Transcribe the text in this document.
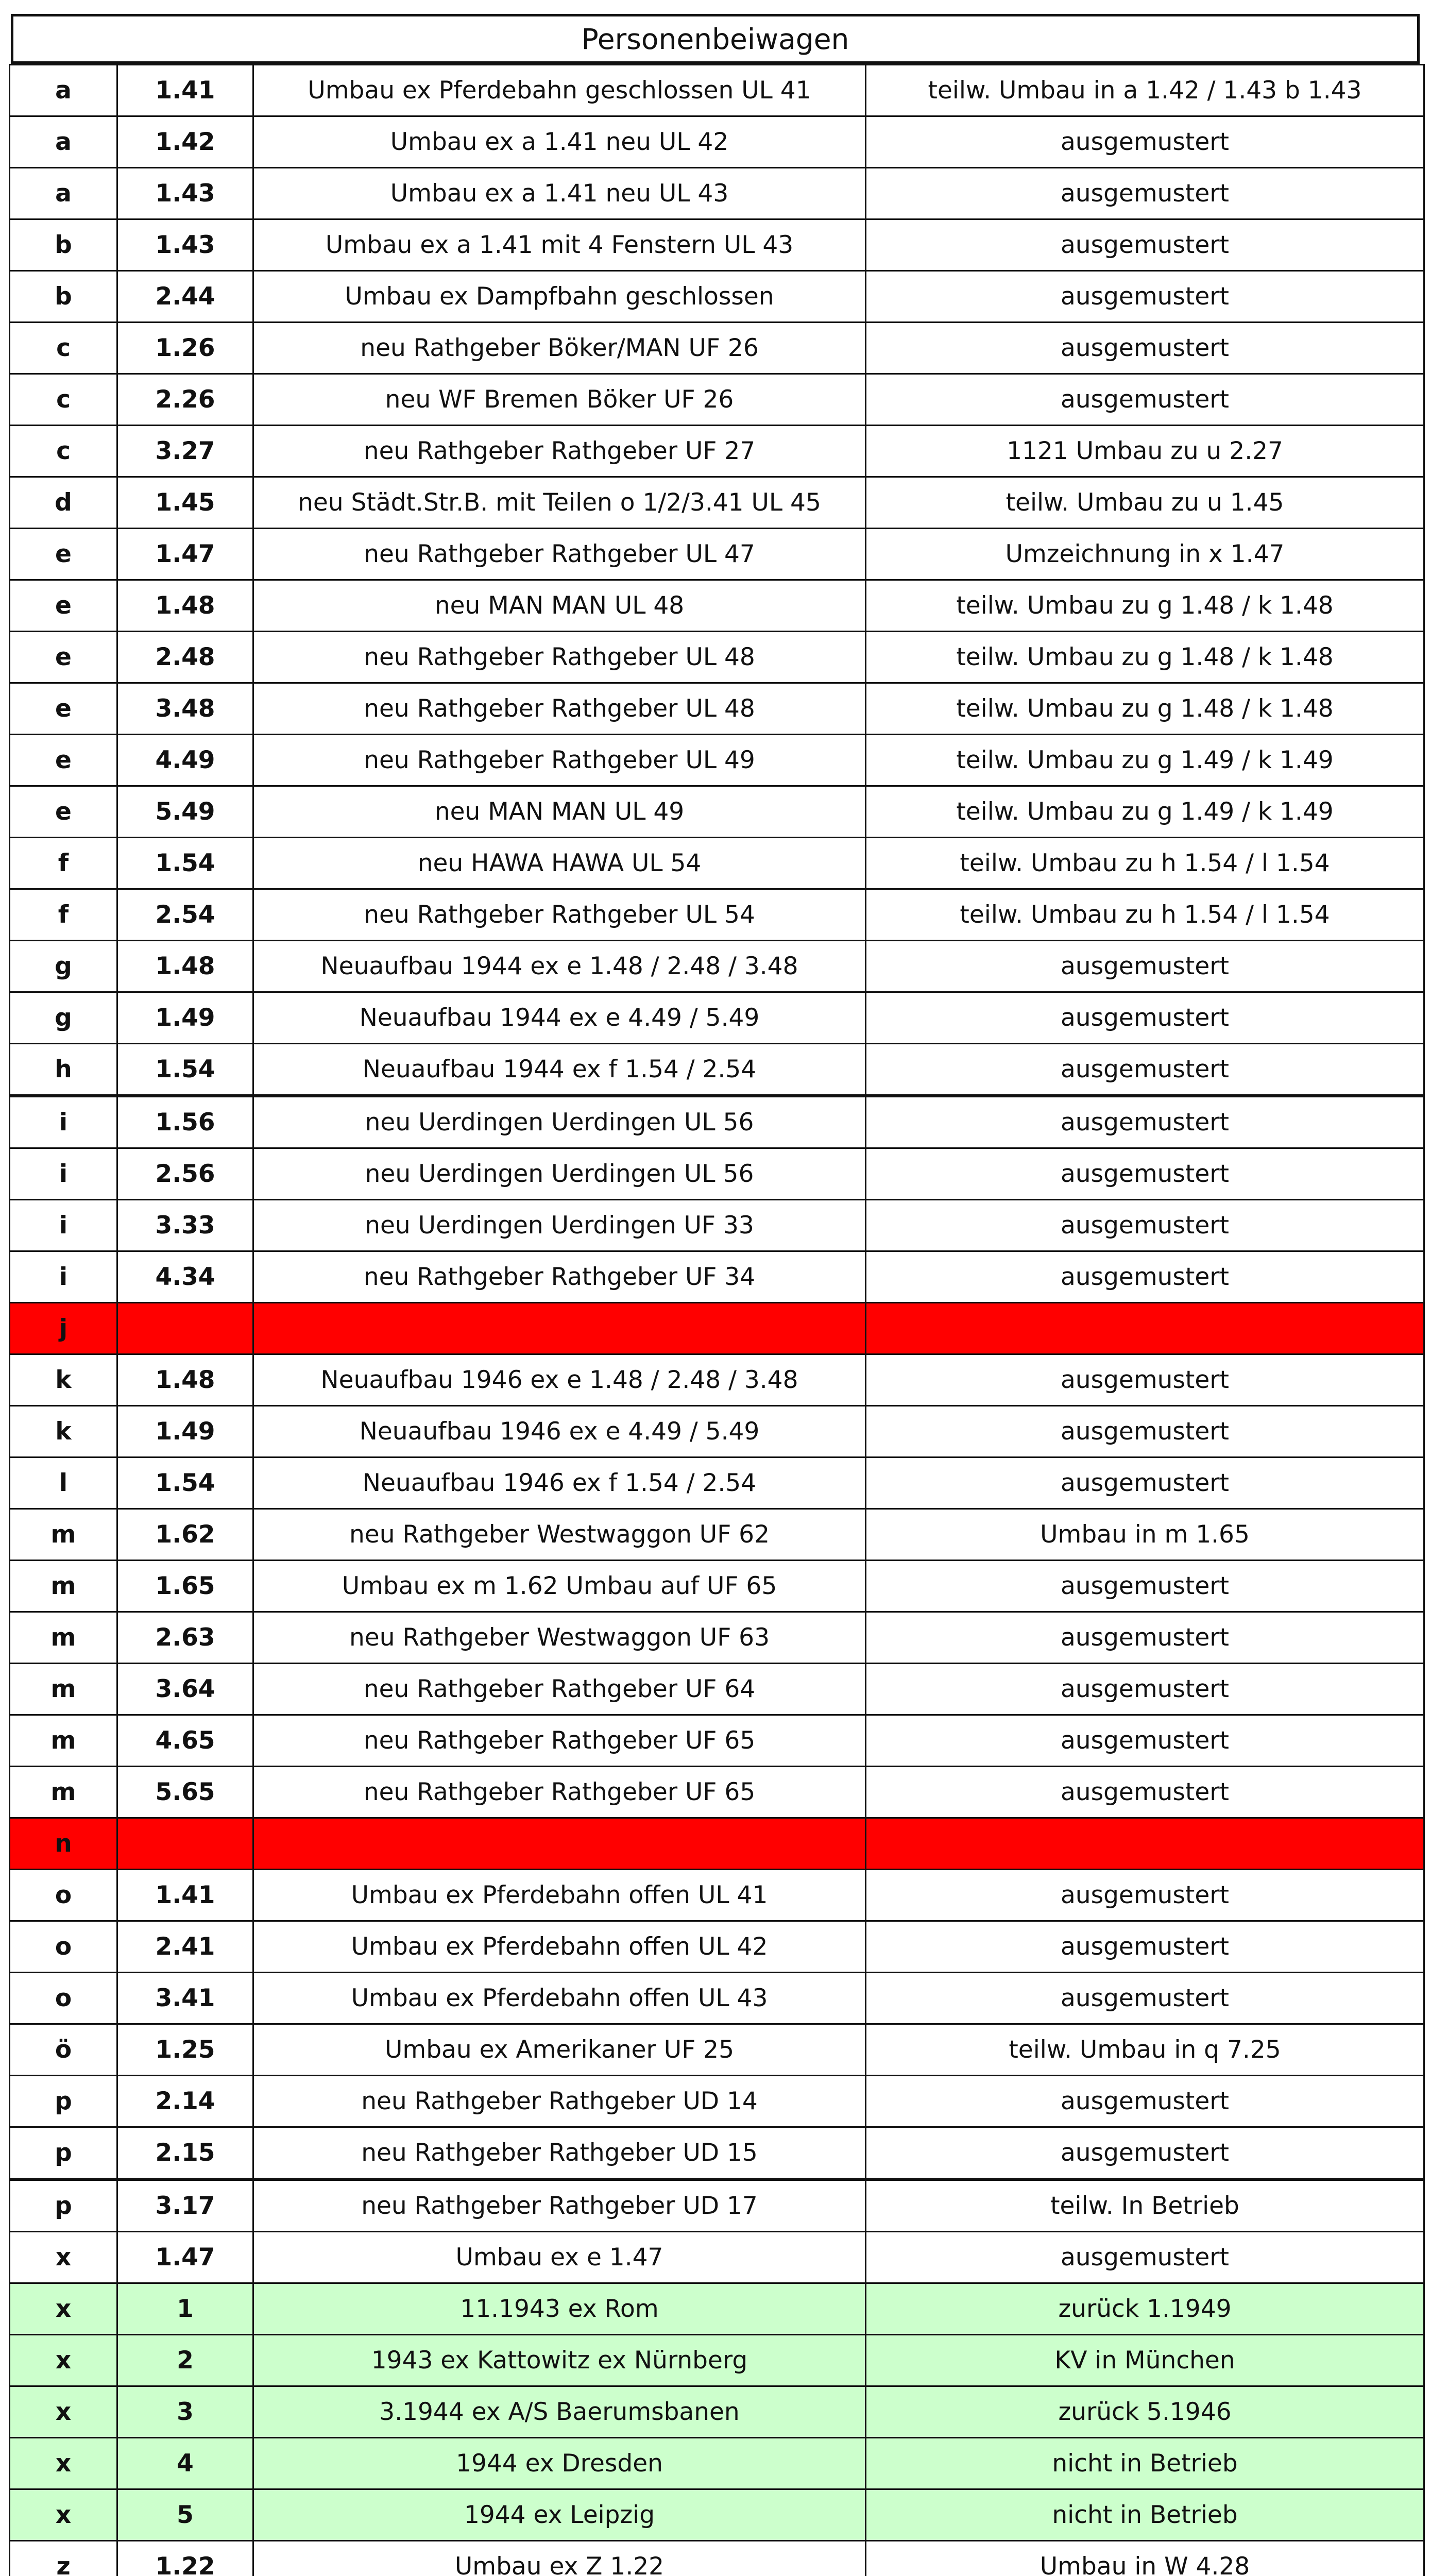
Personenbeiwagen
a	1.41	Umbau ex Pferdebahn geschlossen UL 41	teilw. Umbau in a 1.42 / 1.43 b 1.43
a	1.42	Umbau ex a 1.41 neu UL 42	ausgemustert
a	1.43	Umbau ex a 1.41 neu UL 43	ausgemustert
b	1.43	Umbau ex a 1.41 mit 4 Fenstern UL 43	ausgemustert
b	2.44	Umbau ex Dampfbahn geschlossen	ausgemustert
c	1.26	neu Rathgeber Böker/MAN UF 26	ausgemustert
c	2.26	neu WF Bremen Böker UF 26	ausgemustert
c	3.27	neu Rathgeber Rathgeber UF 27	1121 Umbau zu u 2.27
d	1.45	neu Städt.Str.B. mit Teilen o 1/2/3.41 UL 45	teilw. Umbau zu u 1.45
e	1.47	neu Rathgeber Rathgeber UL 47	Umzeichnung in x 1.47
e	1.48	neu MAN MAN UL 48	teilw. Umbau zu g 1.48 / k 1.48
e	2.48	neu Rathgeber Rathgeber UL 48	teilw. Umbau zu g 1.48 / k 1.48
e	3.48	neu Rathgeber Rathgeber UL 48	teilw. Umbau zu g 1.48 / k 1.48
e	4.49	neu Rathgeber Rathgeber UL 49	teilw. Umbau zu g 1.49 / k 1.49
e	5.49	neu MAN MAN UL 49	teilw. Umbau zu g 1.49 / k 1.49
f	1.54	neu HAWA HAWA UL 54	teilw. Umbau zu h 1.54 / l 1.54
f	2.54	neu Rathgeber Rathgeber UL 54	teilw. Umbau zu h 1.54 / l 1.54
g	1.48	Neuaufbau 1944 ex e 1.48 / 2.48 / 3.48	ausgemustert
g	1.49	Neuaufbau 1944 ex e 4.49 / 5.49	ausgemustert
h	1.54	Neuaufbau 1944 ex f 1.54 / 2.54	ausgemustert
i	1.56	neu Uerdingen Uerdingen UL 56	ausgemustert
i	2.56	neu Uerdingen Uerdingen UL 56	ausgemustert
i	3.33	neu Uerdingen Uerdingen UF 33	ausgemustert
i	4.34	neu Rathgeber Rathgeber UF 34	ausgemustert
j			
k	1.48	Neuaufbau 1946 ex e 1.48 / 2.48 / 3.48	ausgemustert
k	1.49	Neuaufbau 1946 ex e 4.49 / 5.49	ausgemustert
l	1.54	Neuaufbau 1946 ex f 1.54 / 2.54	ausgemustert
m	1.62	neu Rathgeber Westwaggon UF 62	Umbau in m 1.65
m	1.65	Umbau ex m 1.62 Umbau auf UF 65	ausgemustert
m	2.63	neu Rathgeber Westwaggon UF 63	ausgemustert
m	3.64	neu Rathgeber Rathgeber UF 64	ausgemustert
m	4.65	neu Rathgeber Rathgeber UF 65	ausgemustert
m	5.65	neu Rathgeber Rathgeber UF 65	ausgemustert
n			
o	1.41	Umbau ex Pferdebahn offen UL 41	ausgemustert
o	2.41	Umbau ex Pferdebahn offen UL 42	ausgemustert
o	3.41	Umbau ex Pferdebahn offen UL 43	ausgemustert
ö	1.25	Umbau ex Amerikaner UF 25	teilw. Umbau in q 7.25
p	2.14	neu Rathgeber Rathgeber UD 14	ausgemustert
p	2.15	neu Rathgeber Rathgeber UD 15	ausgemustert
p	3.17	neu Rathgeber Rathgeber UD 17	teilw. In Betrieb
x	1.47	Umbau ex e 1.47	ausgemustert
x	1	11.1943 ex Rom	zurück 1.1949
x	2	1943 ex Kattowitz ex Nürnberg	KV in München
x	3	3.1944 ex A/S Baerumsbanen	zurück 5.1946
x	4	1944 ex Dresden	nicht in Betrieb
x	5	1944 ex Leipzig	nicht in Betrieb
z	1.22	Umbau ex Z 1.22	Umbau in W 4.28
